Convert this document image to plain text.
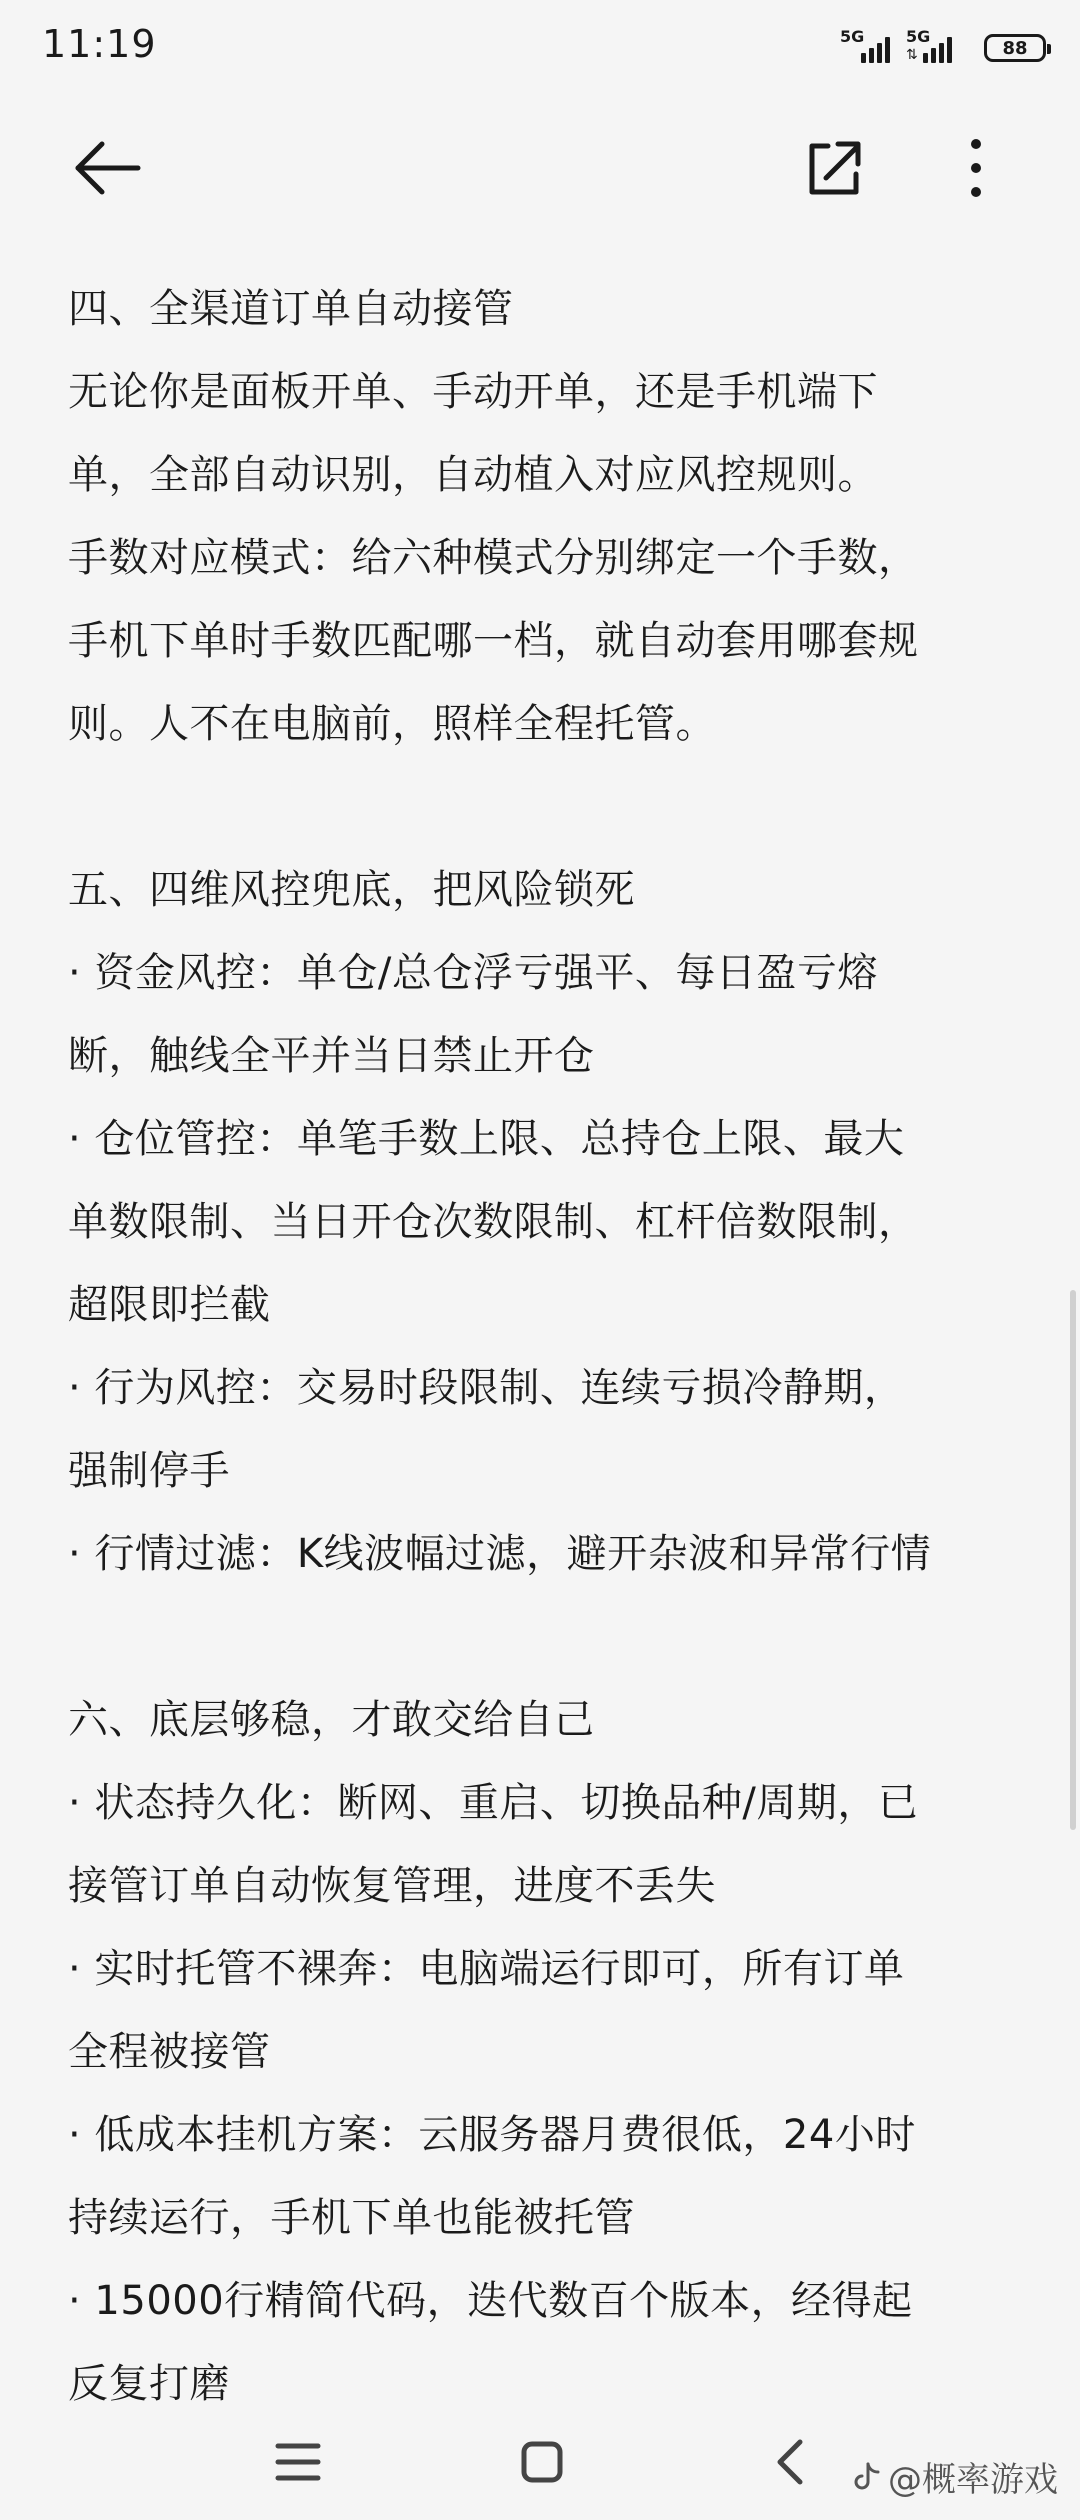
11:19	5G	5G
⇅	88
四、全渠道订单自动接管
无论你是面板开单、手动开单，还是手机端下
单，全部自动识别，自动植入对应风控规则。
手数对应模式：给六种模式分别绑定一个手数，
手机下单时手数匹配哪一档，就自动套用哪套规
则。人不在电脑前，照样全程托管。
五、四维风控兜底，把风险锁死
· 资金风控：单仓/总仓浮亏强平、每日盈亏熔
断，触线全平并当日禁止开仓
· 仓位管控：单笔手数上限、总持仓上限、最大
单数限制、当日开仓次数限制、杠杆倍数限制，
超限即拦截
· 行为风控：交易时段限制、连续亏损冷静期，
强制停手
· 行情过滤：K线波幅过滤，避开杂波和异常行情
六、底层够稳，才敢交给自己
· 状态持久化：断网、重启、切换品种/周期，已
接管订单自动恢复管理，进度不丢失
· 实时托管不裸奔：电脑端运行即可，所有订单
全程被接管
· 低成本挂机方案：云服务器月费很低，24小时
持续运行，手机下单也能被托管
· 15000行精简代码，迭代数百个版本，经得起
反复打磨
@概率游戏
